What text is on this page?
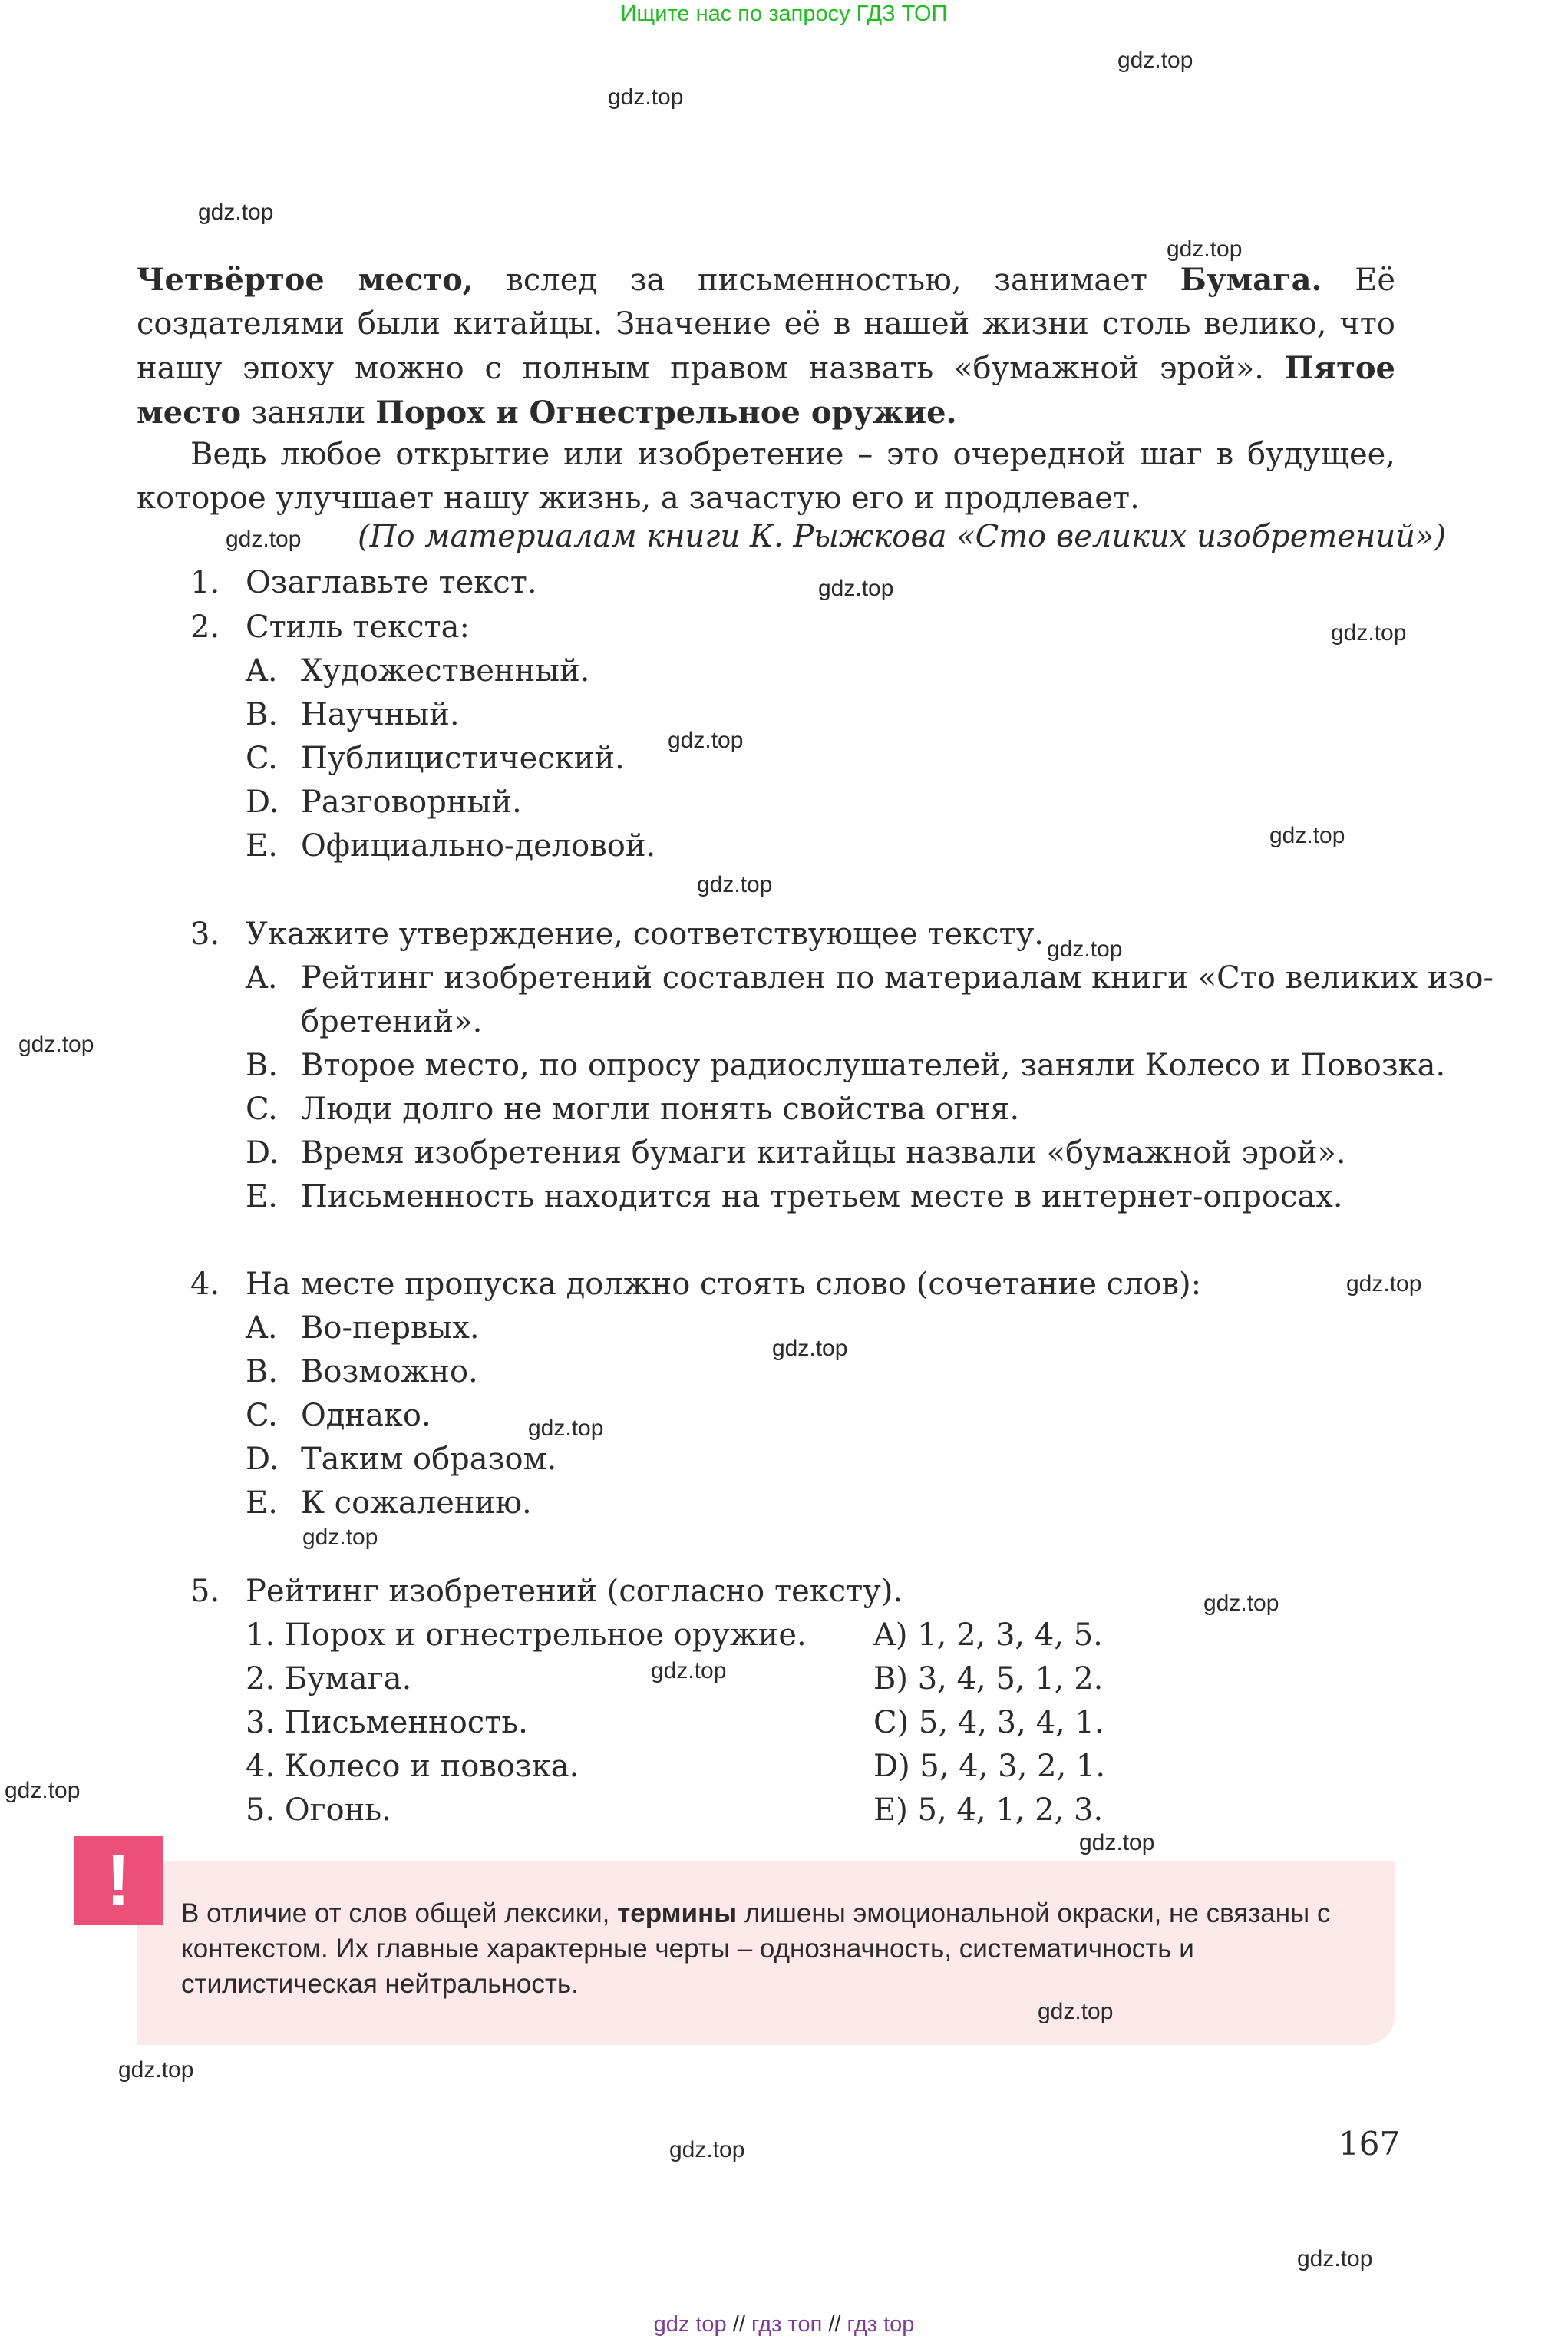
Ищите нас по запросу ГДЗ ТОП
gdz.top
gdz.top
gdz.top
gdz.top
gdz.top
gdz.top
gdz.top
gdz.top
gdz.top
gdz.top
gdz.top
gdz.top
gdz.top
gdz.top
gdz.top
gdz.top
gdz.top
gdz.top
gdz.top
gdz.top
gdz.top
gdz.top
gdz.top
Четвёртое место, вслед за письменностью, занимает Бумага. Её создателями были китайцы. Значение её в нашей жизни столь велико, что нашу эпоху можно с полным правом назвать «бумажной эрой». Пятое место заняли Порох и Огнестрельное оружие.
Ведь любое открытие или изобретение – это очередной шаг в будущее, которое улучшает нашу жизнь, а зачастую его и продлевает.
(По материалам книги К. Рыжкова «Сто великих изобретений»)
1. Озаглавьте текст.
2. Стиль текста:
A. Художественный.
B. Научный.
C. Публицистический.
D. Разговорный.
E. Официально-деловой.
3. Укажите утверждение, соответствующее тексту.
A. Рейтинг изобретений составлен по материалам книги «Сто великих изо-
бретений».
B. Второе место, по опросу радиослушателей, заняли Колесо и Повозка.
C. Люди долго не могли понять свойства огня.
D. Время изобретения бумаги китайцы назвали «бумажной эрой».
E. Письменность находится на третьем месте в интернет-опросах.
4. На месте пропуска должно стоять слово (сочетание слов):
A. Во-первых.
B. Возможно.
C. Однако.
D. Таким образом.
E. К сожалению.
5. Рейтинг изобретений (согласно тексту).
1. Порох и огнестрельное оружие.
2. Бумага.
3. Письменность.
4. Колесо и повозка.
5. Огонь.
A) 1, 2, 3, 4, 5.
B) 3, 4, 5, 1, 2.
C) 5, 4, 3, 4, 1.
D) 5, 4, 3, 2, 1.
E) 5, 4, 1, 2, 3.
!	В отличие от слов общей лексики, термины лишены эмоциональной окраски, не связаны с контекстом. Их главные характерные черты – однозначность, систематичность и стилистическая нейтральность.
gdz.top
167
gdz top // гдз топ // гдз top
